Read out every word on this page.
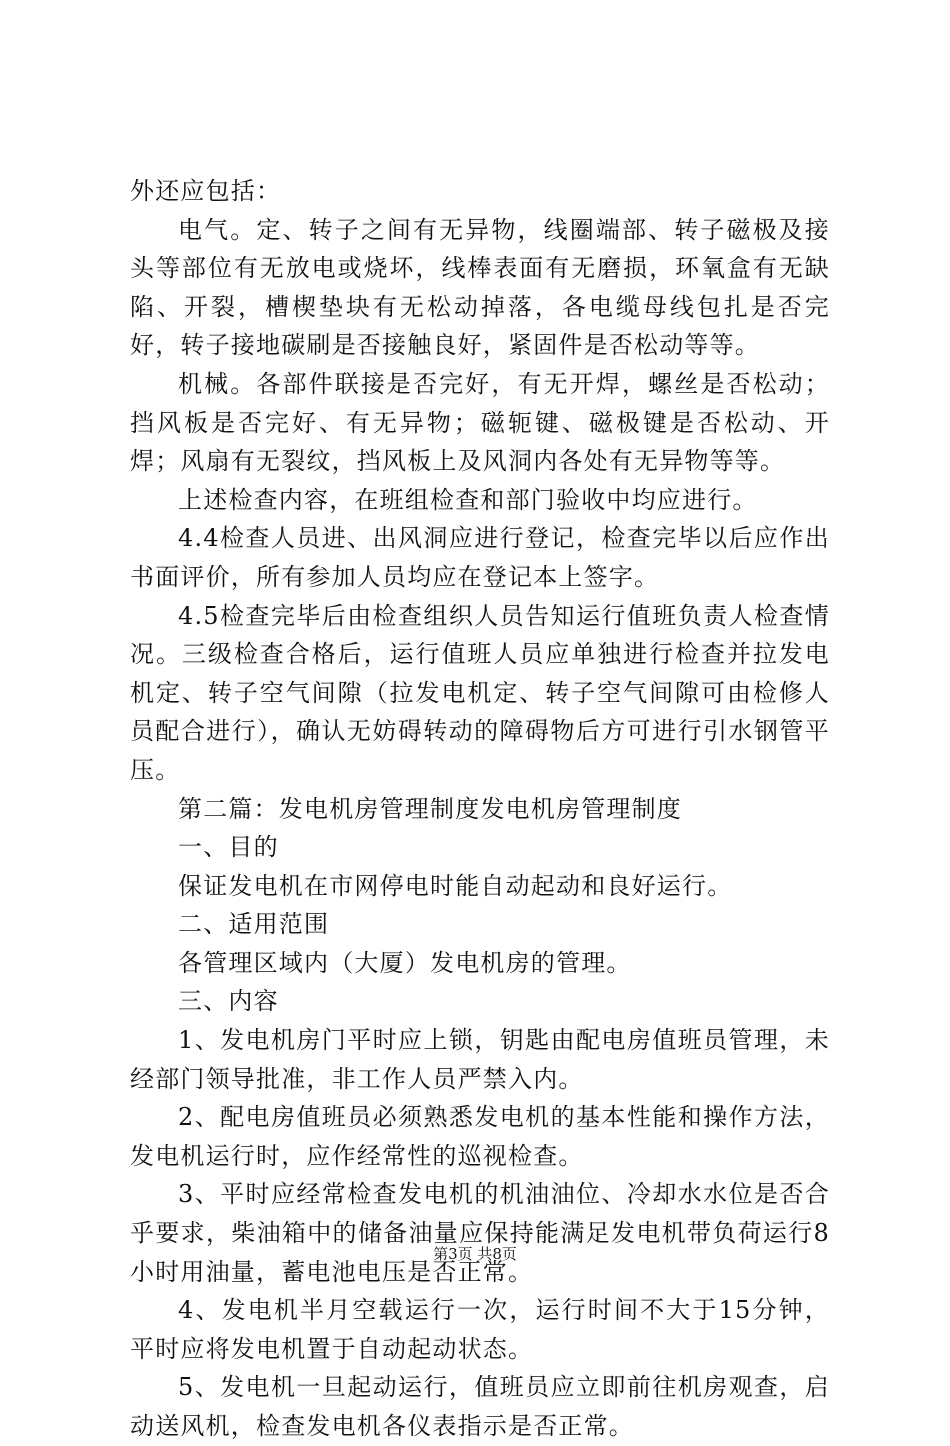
外还应包括：

电气。定、转子之间有无异物，线圈端部、转子磁极及接头等部位有无放电或烧坏，线棒表面有无磨损，环氧盒有无缺陷、开裂，槽楔垫块有无松动掉落，各电缆母线包扎是否完好，转子接地碳刷是否接触良好，紧固件是否松动等等。

机械。各部件联接是否完好，有无开焊，螺丝是否松动；挡风板是否完好、有无异物；磁轭键、磁极键是否松动、开焊；风扇有无裂纹，挡风板上及风洞内各处有无异物等等。

上述检查内容，在班组检查和部门验收中均应进行。

4.4检查人员进、出风洞应进行登记，检查完毕以后应作出书面评价，所有参加人员均应在登记本上签字。

4.5检查完毕后由检查组织人员告知运行值班负责人检查情况。三级检查合格后，运行值班人员应单独进行检查并拉发电机定、转子空气间隙（拉发电机定、转子空气间隙可由检修人员配合进行），确认无妨碍转动的障碍物后方可进行引水钢管平压。

第二篇：发电机房管理制度发电机房管理制度

一、目的

保证发电机在市网停电时能自动起动和良好运行。

二、适用范围

各管理区域内（大厦）发电机房的管理。

三、内容

1、发电机房门平时应上锁，钥匙由配电房值班员管理，未经部门领导批准，非工作人员严禁入内。

2、配电房值班员必须熟悉发电机的基本性能和操作方法，发电机运行时，应作经常性的巡视检查。

3、平时应经常检查发电机的机油油位、冷却水水位是否合乎要求，柴油箱中的储备油量应保持能满足发电机带负荷运行8小时用油量，蓄电池电压是否正常。

4、发电机半月空载运行一次，运行时间不大于15分钟，平时应将发电机置于自动起动状态。

5、发电机一旦起动运行，值班员应立即前往机房观查，启动送风机，检查发电机各仪表指示是否正常。

第3页 共8页
